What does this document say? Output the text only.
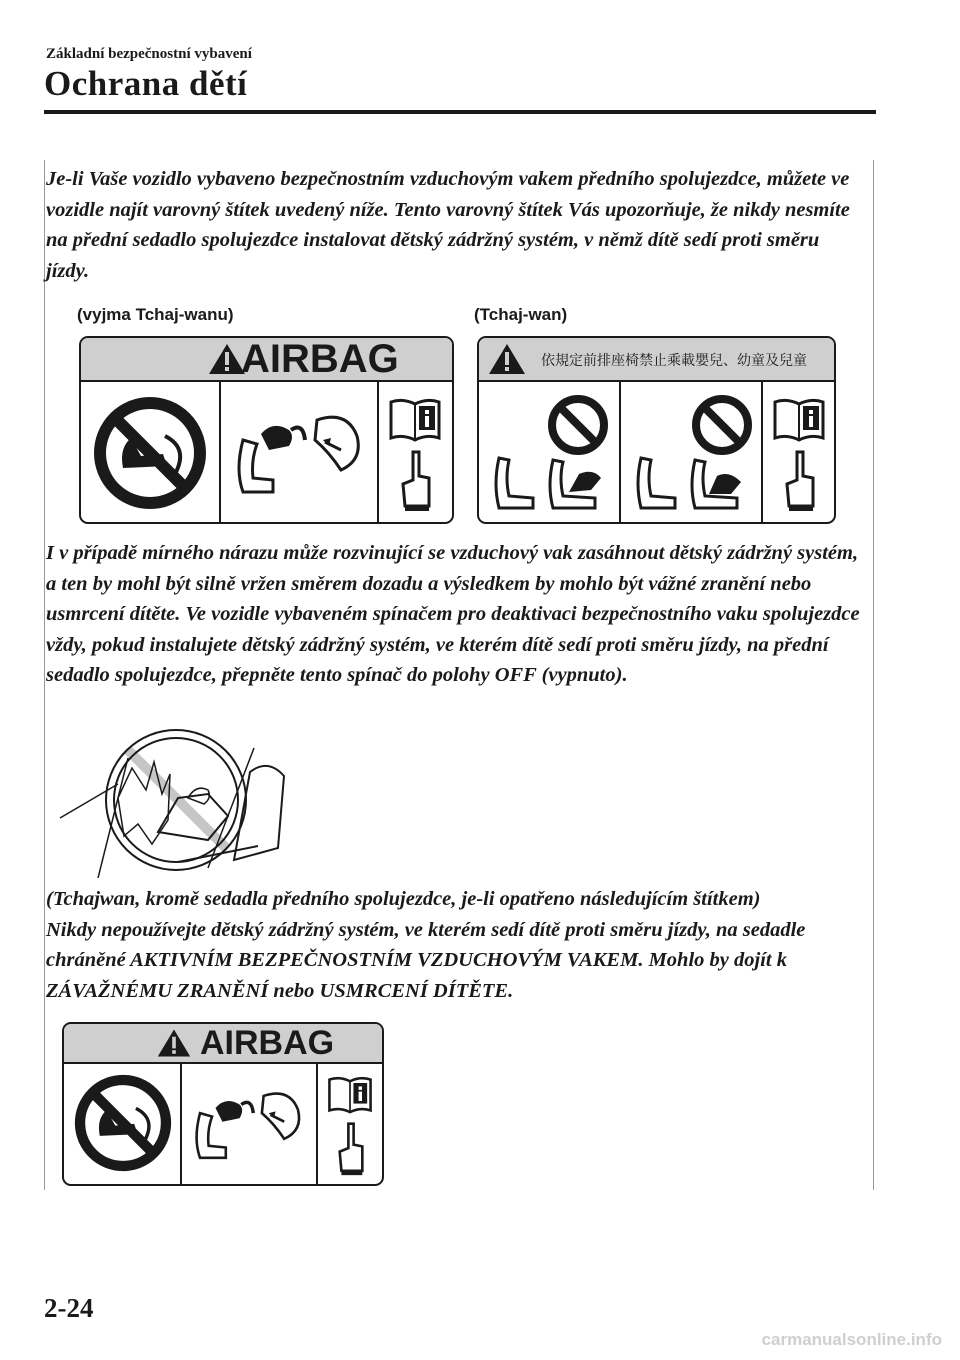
Základní bezpečnostní vybavení
Ochrana dětí

Je-li Vaše vozidlo vybaveno bezpečnostním vzduchovým vakem předního spolujezdce, můžete ve vozidle najít varovný štítek uvedený níže. Tento varovný štítek Vás upozorňuje, že nikdy nesmíte na přední sedadlo spolujezdce instalovat dětský zádržný systém, v němž dítě sedí proti směru jízdy.

(vyjma Tchaj-wanu)	(Tchaj-wan)
AIRBAG	依規定前排座椅禁止乘載嬰兒、幼童及兒童

I v případě mírného nárazu může rozvinující se vzduchový vak zasáhnout dětský zádržný systém, a ten by mohl být silně vržen směrem dozadu a výsledkem by mohlo být vážné zranění nebo usmrcení dítěte. Ve vozidle vybaveném spínačem pro deaktivaci bezpečnostního vaku spolujezdce vždy, pokud instalujete dětský zádržný systém, ve kterém dítě sedí proti směru jízdy, na přední sedadlo spolujezdce, přepněte tento spínač do polohy OFF (vypnuto).

(Tchajwan, kromě sedadla předního spolujezdce, je-li opatřeno následujícím štítkem)
Nikdy nepoužívejte dětský zádržný systém, ve kterém sedí dítě proti směru jízdy, na sedadle chráněné AKTIVNÍM BEZPEČNOSTNÍM VZDUCHOVÝM VAKEM. Mohlo by dojít k ZÁVAŽNÉMU ZRANĚNÍ nebo USMRCENÍ DÍTĚTE.

AIRBAG
2-24
carmanualsonline.info
